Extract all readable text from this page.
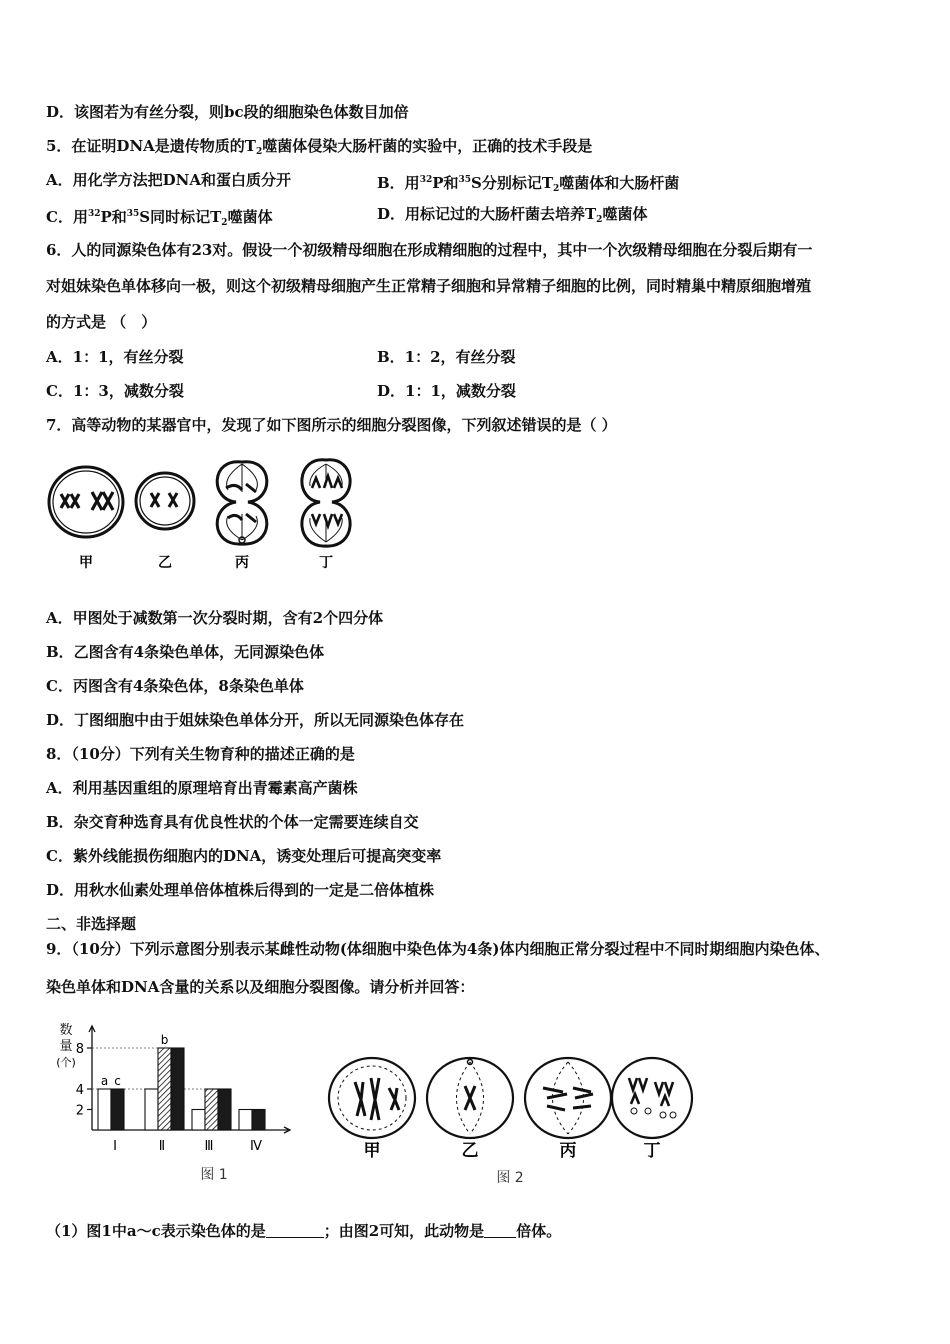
D．该图若为有丝分裂，则bc段的细胞染色体数目加倍
5．在证明DNA是遗传物质的$T_2$噬菌体侵染大肠杆菌的实验中，正确的技术手段是
A．用化学方法把DNA和蛋白质分开	B．用$^{32}$P和$^{35}$S分别标记$T_2$噬菌体和大肠杆菌
C．用$^{32}$P和$^{35}$S同时标记$T_2$噬菌体	D．用标记过的大肠杆菌去培养$T_2$噬菌体
6．人的同源染色体有23对。假设一个初级精母细胞在形成精细胞的过程中，其中一个次级精母细胞在分裂后期有一
对姐妹染色单体移向一极，则这个初级精母细胞产生正常精子细胞和异常精子细胞的比例，同时精巢中精原细胞增殖
的方式是 （　）
A．1：1，有丝分裂	B．1：2，有丝分裂
C．1：3，减数分裂	D．1：1，减数分裂
7．高等动物的某器官中，发现了如下图所示的细胞分裂图像，下列叙述错误的是（ ）
甲	乙	丙	丁
A．甲图处于减数第一次分裂时期，含有2个四分体
B．乙图含有4条染色单体，无同源染色体
C．丙图含有4条染色体，8条染色单体
D．丁图细胞中由于姐妹染色单体分开，所以无同源染色体存在
8．（10分）下列有关生物育种的描述正确的是
A．利用基因重组的原理培育出青霉素高产菌株
B．杂交育种选育具有优良性状的个体一定需要连续自交
C．紫外线能损伤细胞内的DNA，诱变处理后可提高突变率
D．用秋水仙素处理单倍体植株后得到的一定是二倍体植株
二、非选择题
9．（10分）下列示意图分别表示某雌性动物(体细胞中染色体为4条)体内细胞正常分裂过程中不同时期细胞内染色体、
染色单体和DNA含量的关系以及细胞分裂图像。请分析并回答：
数
量
(个)
2
4
8
a c
Ⅰ
b
Ⅱ	Ⅲ	Ⅳ
图 1
甲	乙	丙	丁
图 2
（1）图1中a～c表示染色体的是	；由图2可知，此动物是 倍体。
